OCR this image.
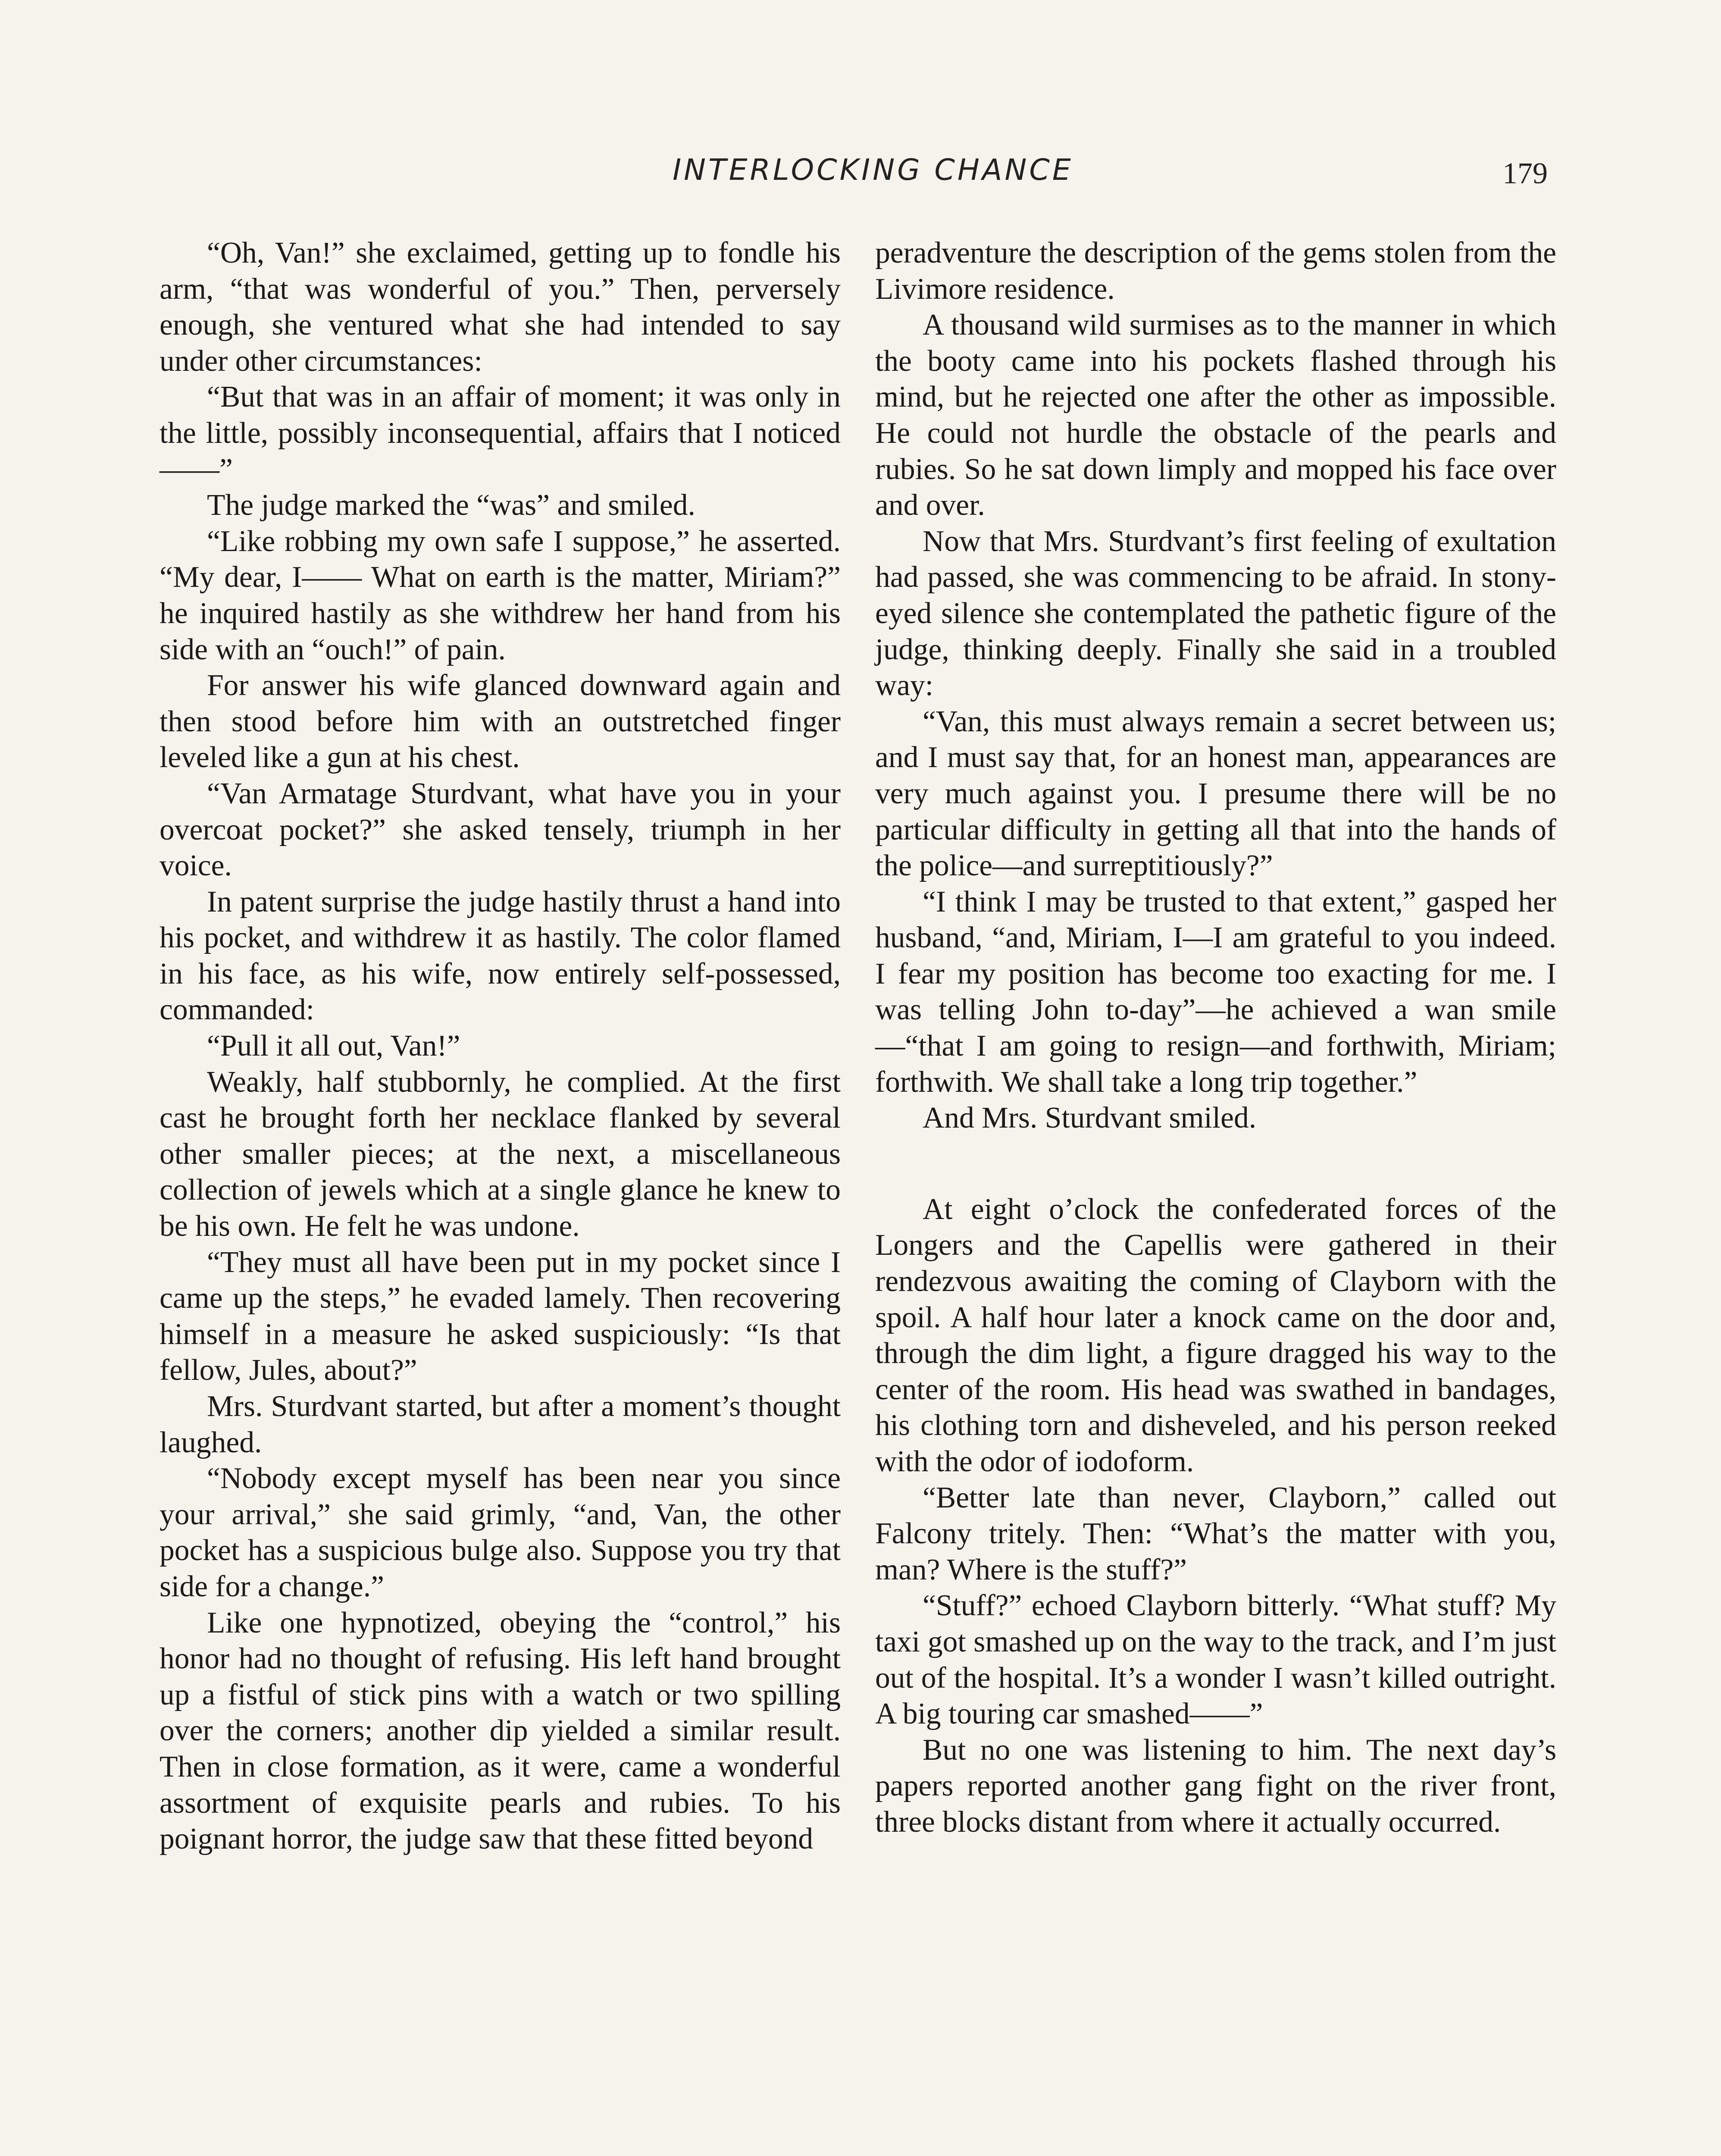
INTERLOCKING CHANCE	179

“Oh, Van!” she exclaimed, getting up to fondle his arm, “that was wonderful of you.” Then, perversely enough, she ventured what she had intended to say under other circumstances:

“But that was in an affair of moment; it was only in the little, possibly inconsequential, affairs that I noticed——”

The judge marked the “was” and smiled.

“Like robbing my own safe I suppose,” he asserted. “My dear, I—— What on earth is the matter, Miriam?” he inquired hastily as she withdrew her hand from his side with an “ouch!” of pain.

For answer his wife glanced downward again and then stood before him with an outstretched finger leveled like a gun at his chest.

“Van Armatage Sturdvant, what have you in your overcoat pocket?” she asked tensely, triumph in her voice.

In patent surprise the judge hastily thrust a hand into his pocket, and withdrew it as hastily. The color flamed in his face, as his wife, now entirely self-possessed, commanded:

“Pull it all out, Van!”

Weakly, half stubbornly, he complied. At the first cast he brought forth her necklace flanked by several other smaller pieces; at the next, a miscellaneous collection of jewels which at a single glance he knew to be his own. He felt he was undone.

“They must all have been put in my pocket since I came up the steps,” he evaded lamely. Then recovering himself in a measure he asked suspiciously: “Is that fellow, Jules, about?”

Mrs. Sturdvant started, but after a moment’s thought laughed.

“Nobody except myself has been near you since your arrival,” she said grimly, “and, Van, the other pocket has a suspicious bulge also. Suppose you try that side for a change.”

Like one hypnotized, obeying the “control,” his honor had no thought of refusing. His left hand brought up a fistful of stick pins with a watch or two spilling over the corners; another dip yielded a similar result. Then in close formation, as it were, came a wonderful assortment of exquisite pearls and rubies. To his poignant horror, the judge saw that these fitted beyond

peradventure the description of the gems stolen from the Livimore residence.

A thousand wild surmises as to the manner in which the booty came into his pockets flashed through his mind, but he rejected one after the other as impossible. He could not hurdle the obstacle of the pearls and rubies. So he sat down limply and mopped his face over and over.

Now that Mrs. Sturdvant’s first feeling of exultation had passed, she was commencing to be afraid. In stony-eyed silence she contemplated the pathetic figure of the judge, thinking deeply. Finally she said in a troubled way:

“Van, this must always remain a secret between us; and I must say that, for an honest man, appearances are very much against you. I presume there will be no particular difficulty in getting all that into the hands of the police—and surreptitiously?”

“I think I may be trusted to that extent,” gasped her husband, “and, Miriam, I—I am grateful to you indeed. I fear my position has become too exacting for me. I was telling John to-day”—he achieved a wan smile—“that I am going to resign—and forthwith, Miriam; forthwith. We shall take a long trip together.”

And Mrs. Sturdvant smiled.

At eight o’clock the confederated forces of the Longers and the Capellis were gathered in their rendezvous awaiting the coming of Clayborn with the spoil. A half hour later a knock came on the door and, through the dim light, a figure dragged his way to the center of the room. His head was swathed in bandages, his clothing torn and disheveled, and his person reeked with the odor of iodoform.

“Better late than never, Clayborn,” called out Falcony tritely. Then: “What’s the matter with you, man? Where is the stuff?”

“Stuff?” echoed Clayborn bitterly. “What stuff? My taxi got smashed up on the way to the track, and I’m just out of the hospital. It’s a wonder I wasn’t killed outright. A big touring car smashed——”

But no one was listening to him. The next day’s papers reported another gang fight on the river front, three blocks distant from where it actually occurred.
